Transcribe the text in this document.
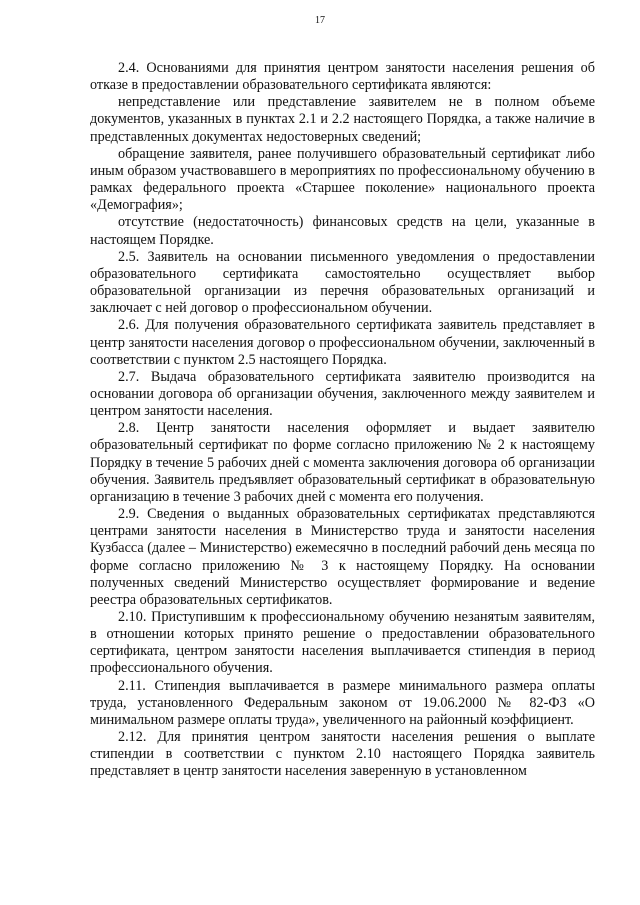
17

2.4. Основаниями для принятия центром занятости населения решения об отказе в предоставлении образовательного сертификата являются:

непредставление или представление заявителем не в полном объеме документов, указанных в пунктах 2.1 и 2.2 настоящего Порядка, а также наличие в представленных документах недостоверных сведений;

обращение заявителя, ранее получившего образовательный сертификат либо иным образом участвовавшего в мероприятиях по профессиональному обучению в рамках федерального проекта «Старшее поколение» национального проекта «Демография»;

отсутствие (недостаточность) финансовых средств на цели, указанные в настоящем Порядке.

2.5. Заявитель на основании письменного уведомления о предоставлении образовательного сертификата самостоятельно осуществляет выбор образовательной организации из перечня образовательных организаций и заключает с ней договор о профессиональном обучении.

2.6. Для получения образовательного сертификата заявитель представляет в центр занятости населения договор о профессиональном обучении, заключенный в соответствии с пунктом 2.5 настоящего Порядка.

2.7. Выдача образовательного сертификата заявителю производится на основании договора об организации обучения, заключенного между заявителем и центром занятости населения.

2.8. Центр занятости населения оформляет и выдает заявителю образовательный сертификат по форме согласно приложению № 2 к настоящему Порядку в течение 5 рабочих дней с момента заключения договора об организации обучения. Заявитель предъявляет образовательный сертификат в образовательную организацию в течение 3 рабочих дней с момента его получения.

2.9. Сведения о выданных образовательных сертификатах представляются центрами занятости населения в Министерство труда и занятости населения Кузбасса (далее – Министерство) ежемесячно в последний рабочий день месяца по форме согласно приложению № 3 к настоящему Порядку. На основании полученных сведений Министерство осуществляет формирование и ведение реестра образовательных сертификатов.

2.10. Приступившим к профессиональному обучению незанятым заявителям, в отношении которых принято решение о предоставлении образовательного сертификата, центром занятости населения выплачивается стипендия в период профессионального обучения.

2.11. Стипендия выплачивается в размере минимального размера оплаты труда, установленного Федеральным законом от 19.06.2000 № 82-ФЗ «О минимальном размере оплаты труда», увеличенного на районный коэффициент.

2.12. Для принятия центром занятости населения решения о выплате стипендии в соответствии с пунктом 2.10 настоящего Порядка заявитель представляет в центр занятости населения заверенную в установленном
